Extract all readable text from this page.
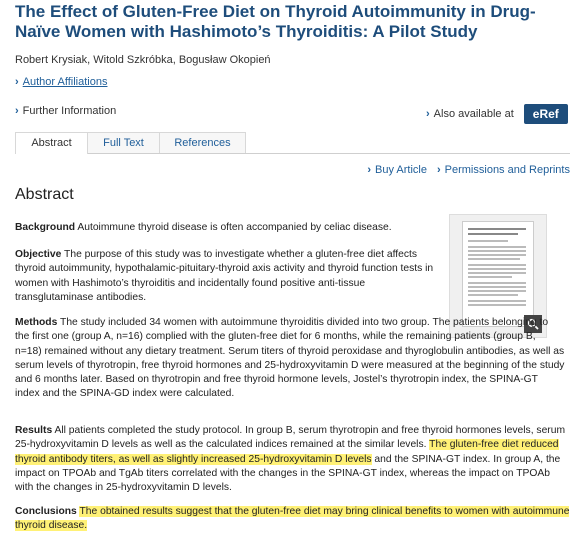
The Effect of Gluten-Free Diet on Thyroid Autoimmunity in Drug-Naïve Women with Hashimoto’s Thyroiditis: A Pilot Study
Robert Krysiak, Witold Szkróbka, Bogusław Okopień
› Author Affiliations
› Further Information	› Also available at	eRef
Abstract	Full Text	References
› Buy Article › Permissions and Reprints
Abstract
Background Autoimmune thyroid disease is often accompanied by celiac disease.
Objective The purpose of this study was to investigate whether a gluten-free diet affects thyroid autoimmunity, hypothalamic-pituitary-thyroid axis activity and thyroid function tests in women with Hashimoto’s thyroiditis and incidentally found positive anti-tissue transglutaminase antibodies.
Methods The study included 34 women with autoimmune thyroiditis divided into two group. The patients belonging to the first one (group A, n=16) complied with the gluten-free diet for 6 months, while the remaining patients (group B, n=18) remained without any dietary treatment. Serum titers of thyroid peroxidase and thyroglobulin antibodies, as well as serum levels of thyrotropin, free thyroid hormones and 25-hydroxyvitamin D were measured at the beginning of the study and 6 months later. Based on thyrotropin and free thyroid hormone levels, Jostel’s thyrotropin index, the SPINA-GT index and the SPINA-GD index were calculated.
Results All patients completed the study protocol. In group B, serum thyrotropin and free thyroid hormones levels, serum 25-hydroxyvitamin D levels as well as the calculated indices remained at the similar levels. The gluten-free diet reduced thyroid antibody titers, as well as slightly increased 25-hydroxyvitamin D levels and the SPINA-GT index. In group A, the impact on TPOAb and TgAb titers correlated with the changes in the SPINA-GT index, whereas the impact on TPOAb with the changes in 25-hydroxyvitamin D levels.
Conclusions The obtained results suggest that the gluten-free diet may bring clinical benefits to women with autoimmune thyroid disease.
